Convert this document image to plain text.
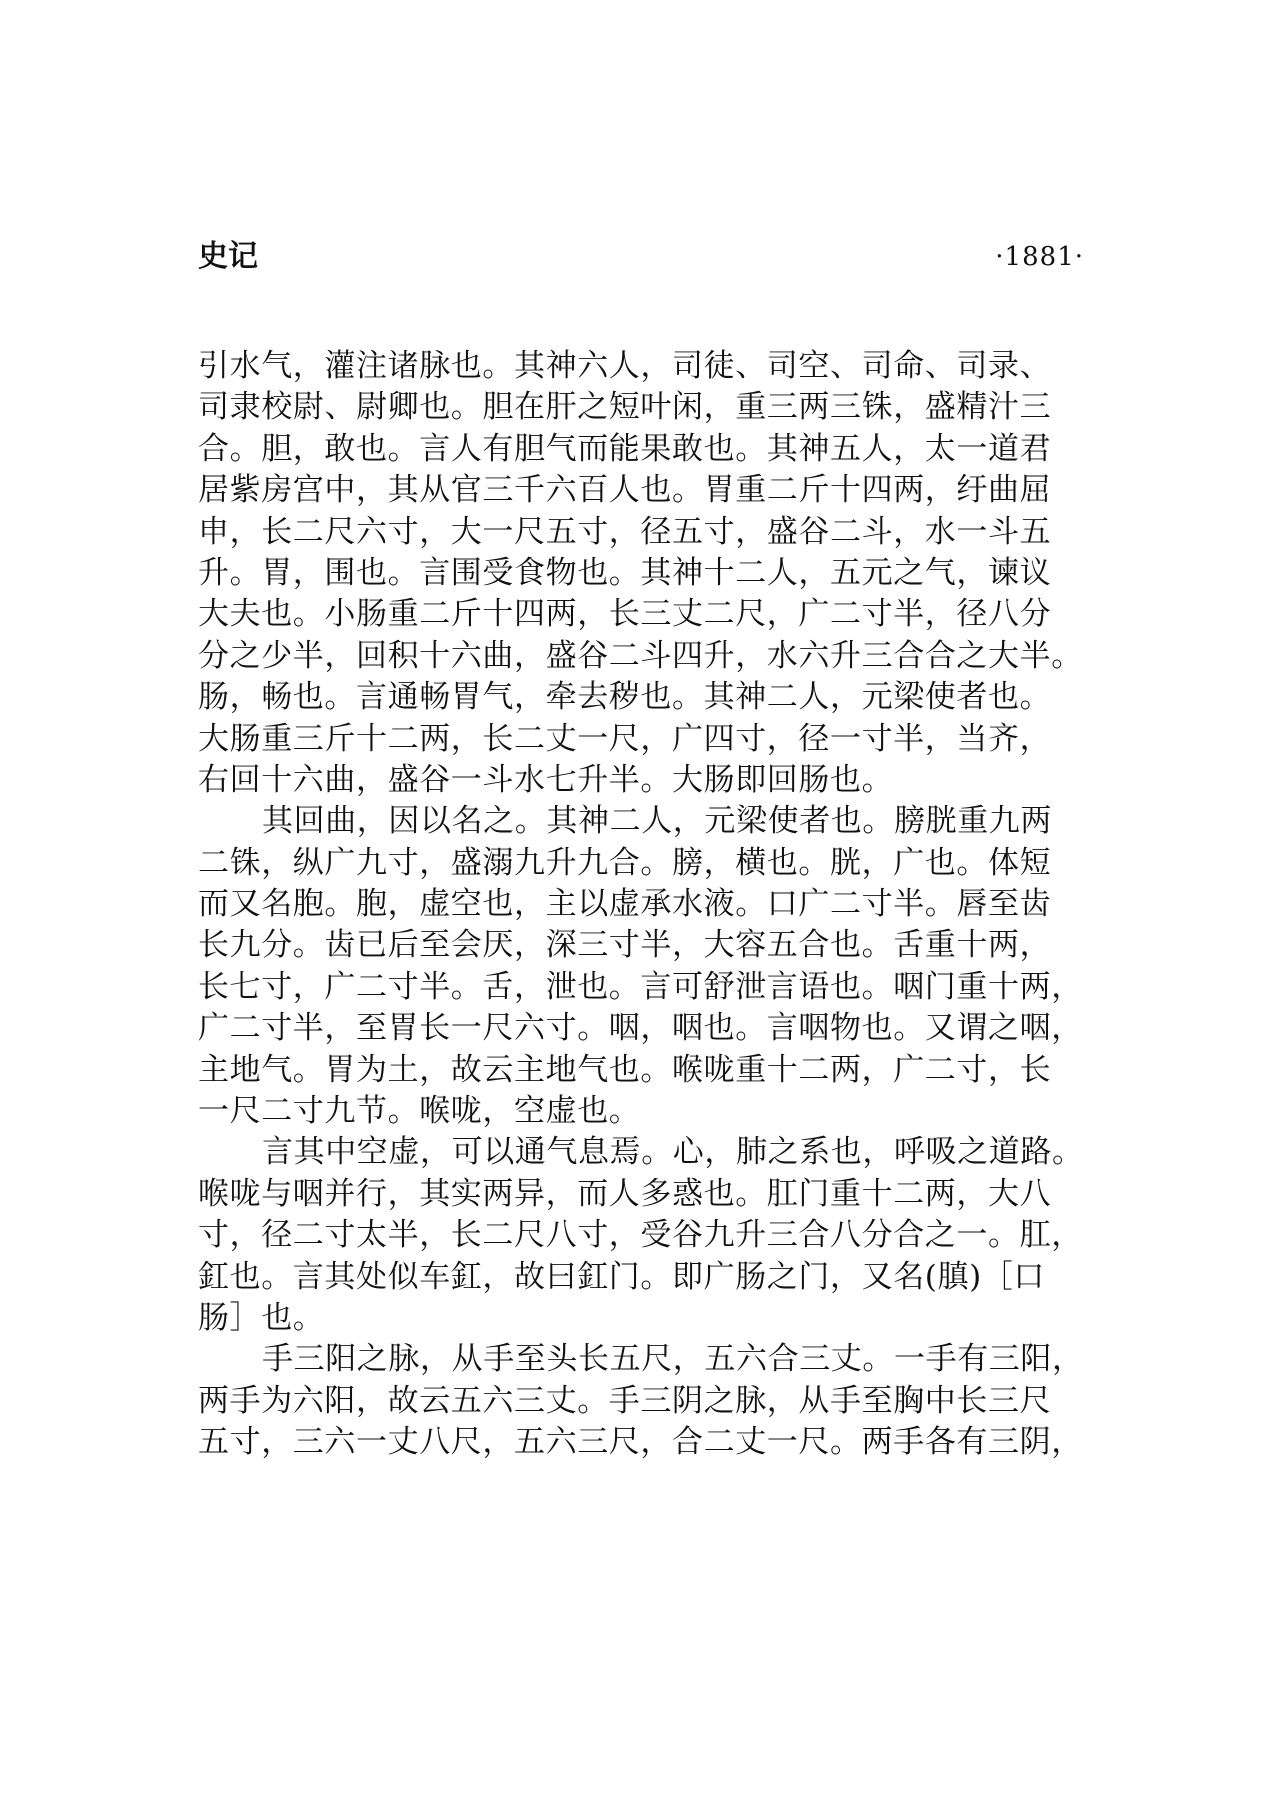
史记	·1881·
引水气，灌注诸脉也。其神六人，司徒、司空、司命、司录、
司隶校尉、尉卿也。胆在肝之短叶闲，重三两三铢，盛精汁三
合。胆，敢也。言人有胆气而能果敢也。其神五人，太一道君
居紫房宫中，其从官三千六百人也。胃重二斤十四两，纡曲屈
申，长二尺六寸，大一尺五寸，径五寸，盛谷二斗，水一斗五
升。胃，围也。言围受食物也。其神十二人，五元之气，谏议
大夫也。小肠重二斤十四两，长三丈二尺，广二寸半，径八分
分之少半，回积十六曲，盛谷二斗四升，水六升三合合之大半。
肠，畅也。言通畅胃气，牵去秽也。其神二人，元梁使者也。
大肠重三斤十二两，长二丈一尺，广四寸，径一寸半，当齐，
右回十六曲，盛谷一斗水七升半。大肠即回肠也。
其回曲，因以名之。其神二人，元梁使者也。膀胱重九两
二铢，纵广九寸，盛溺九升九合。膀，横也。胱，广也。体短
而又名胞。胞，虚空也，主以虚承水液。口广二寸半。唇至齿
长九分。齿已后至会厌，深三寸半，大容五合也。舌重十两，
长七寸，广二寸半。舌，泄也。言可舒泄言语也。咽门重十两，
广二寸半，至胃长一尺六寸。咽，咽也。言咽物也。又谓之咽，
主地气。胃为土，故云主地气也。喉咙重十二两，广二寸，长
一尺二寸九节。喉咙，空虚也。
言其中空虚，可以通气息焉。心，肺之系也，呼吸之道路。
喉咙与咽并行，其实两异，而人多惑也。肛门重十二两，大八
寸，径二寸太半，长二尺八寸，受谷九升三合八分合之一。肛，
釭也。言其处似车釭，故曰釭门。即广肠之门，又名(䐜)［口
肠］也。
手三阳之脉，从手至头长五尺，五六合三丈。一手有三阳，
两手为六阳，故云五六三丈。手三阴之脉，从手至胸中长三尺
五寸，三六一丈八尺，五六三尺，合二丈一尺。两手各有三阴，
